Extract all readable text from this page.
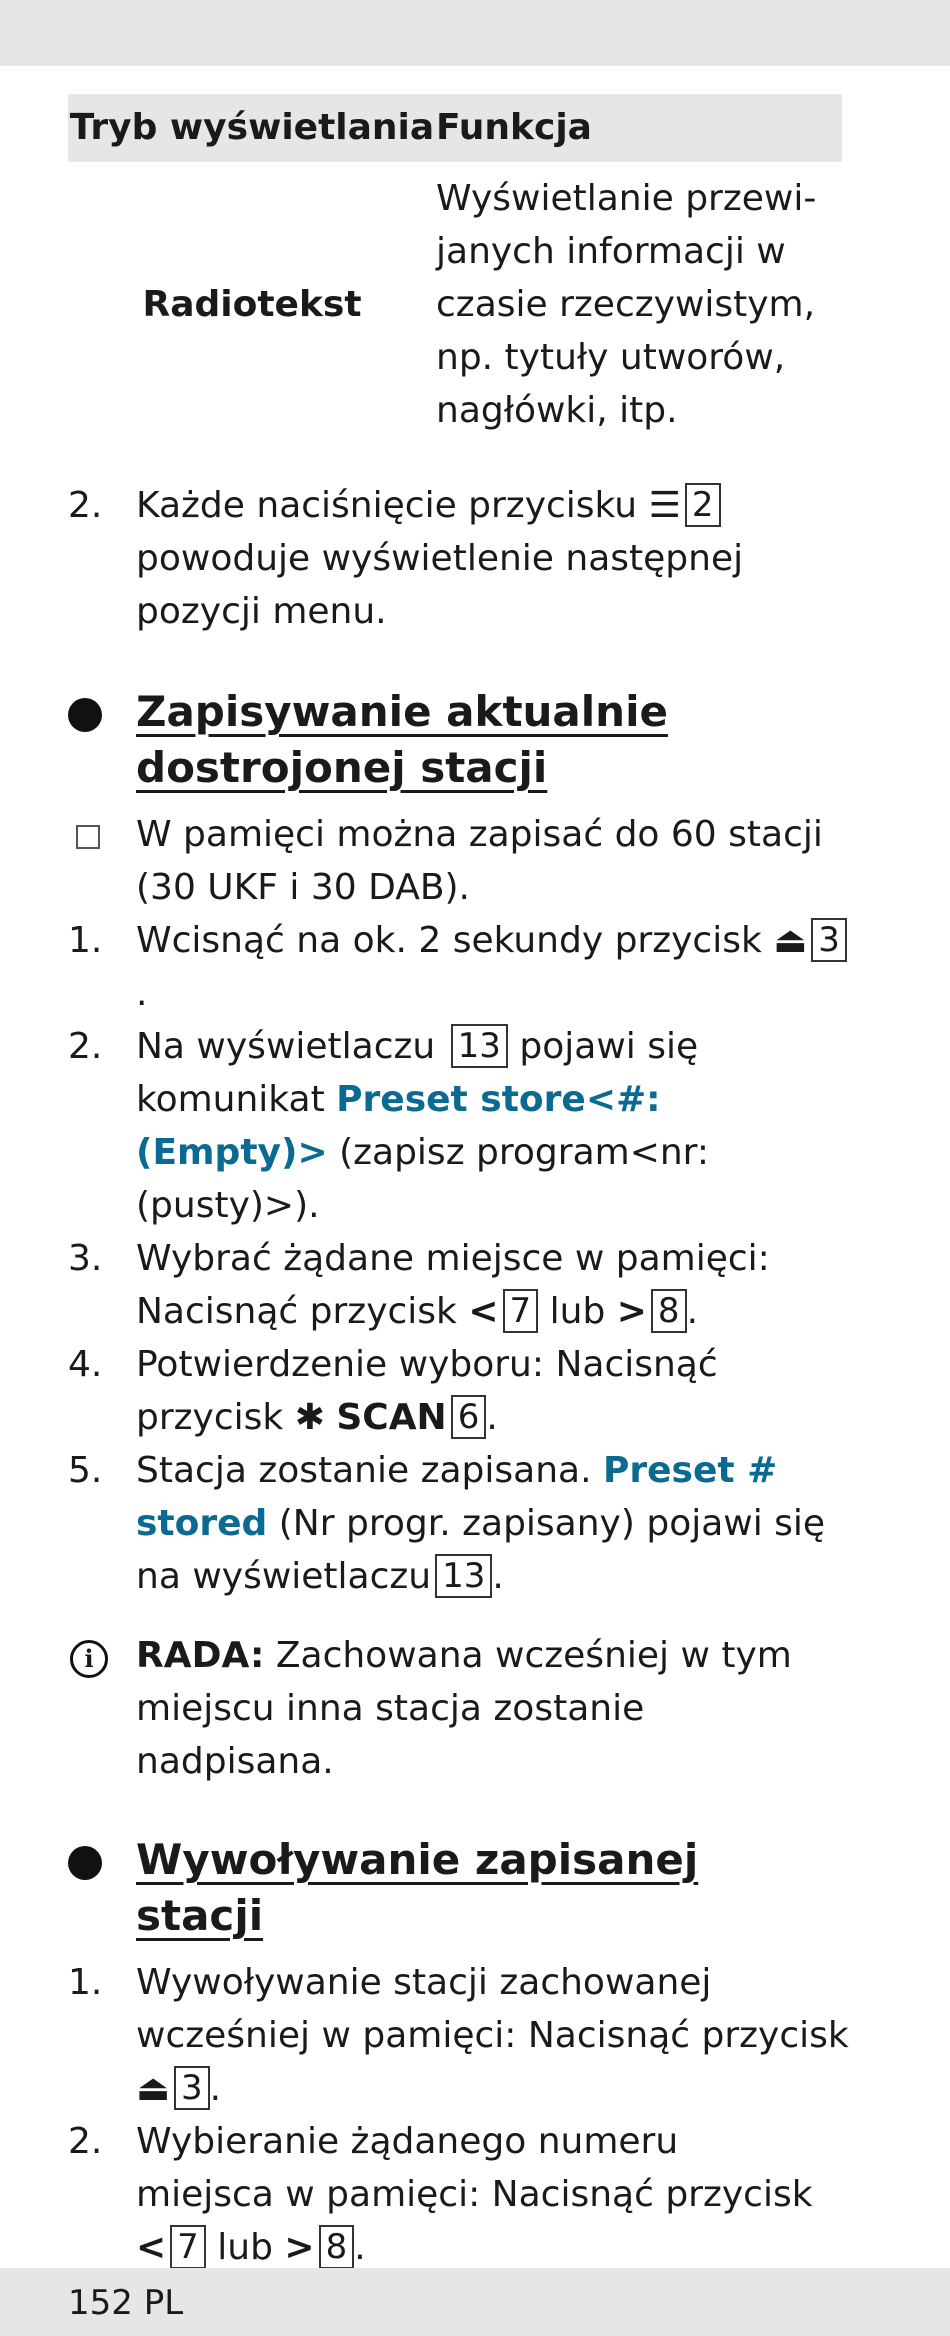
Tryb wyświetlania	Funkcja
Radiotekst	Wyświetlanie przewi-
janych informacji w
czasie rzeczywistym,
np. tytuły utworów,
nagłówki, itp.
2. Każde naciśnięcie przycisku ☰ 2 powoduje wyświetlenie następnej pozycji menu.
Zapisywanie aktualnie dostrojonej stacji
W pamięci można zapisać do 60 stacji (30 UKF i 30 DAB).
1. Wcisnąć na ok. 2 sekundy przycisk ⏏ 3.
2. Na wyświetlaczu 13 pojawi się komunikat Preset store<#:(Empty)> (zapisz program<nr:(pusty)>).
3. Wybrać żądane miejsce w pamięci: Nacisnąć przycisk < 7 lub > 8 .
4. Potwierdzenie wyboru: Nacisnąć przycisk ✱ SCAN 6 .
5. Stacja zostanie zapisana. Preset # stored (Nr progr. zapisany) pojawi się na wyświetlaczu 13 .
i	RADA: Zachowana wcześniej w tym miejscu inna stacja zostanie nadpisana.
Wywoływanie zapisanej stacji
1. Wywoływanie stacji zachowanej wcześniej w pamięci: Nacisnąć przycisk ⏏ 3 .
2. Wybieranie żądanego numeru miejsca w pamięci: Nacisnąć przycisk < 7 lub > 8 .
152 PL
